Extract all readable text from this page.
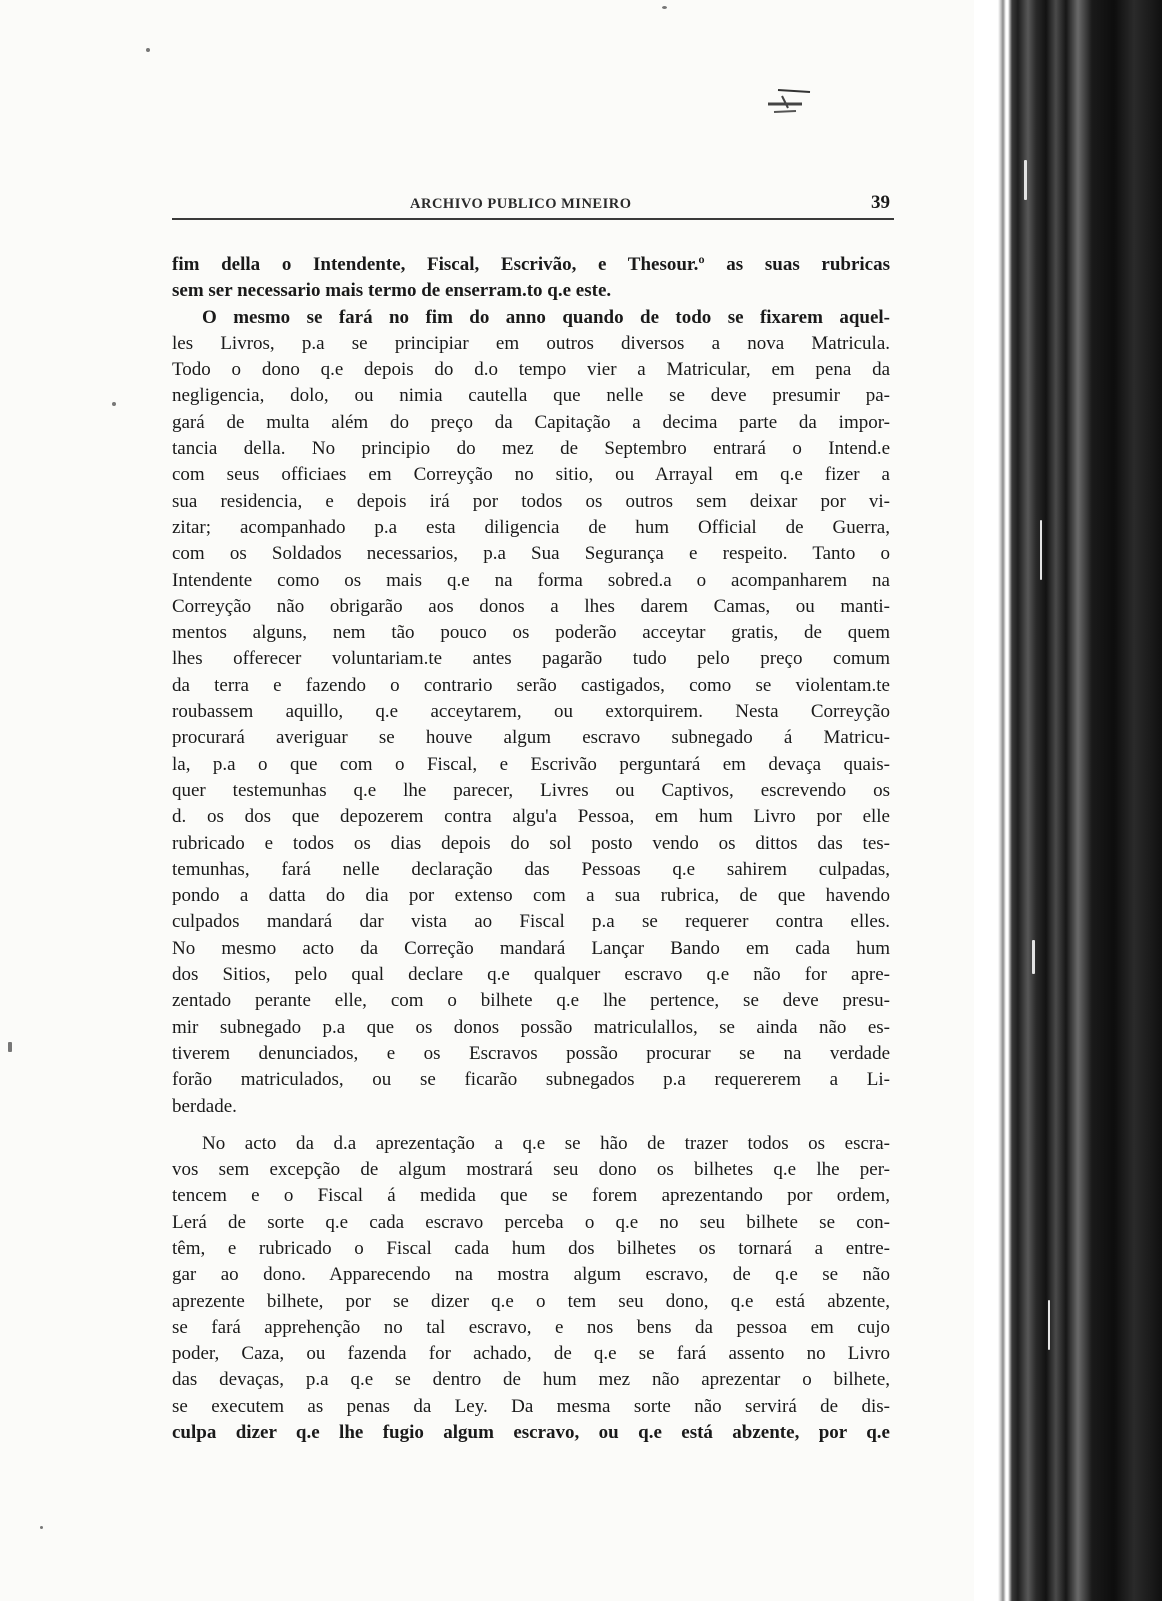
ARCHIVO PUBLICO MINEIRO	39

fim della o Intendente, Fiscal, Escrivão, e Thesour.º as suas rubricas
sem ser necessario mais termo de enserram.to q.e este.
O mesmo se fará no fim do anno quando de todo se fixarem aquel-
les Livros, p.a se principiar em outros diversos a nova Matricula.
Todo o dono q.e depois do d.o tempo vier a Matricular, em pena da
negligencia, dolo, ou nimia cautella que nelle se deve presumir pa-
gará de multa além do preço da Capitação a decima parte da impor-
tancia della. No principio do mez de Septembro entrará o Intend.e
com seus officiaes em Correyção no sitio, ou Arrayal em q.e fizer a
sua residencia, e depois irá por todos os outros sem deixar por vi-
zitar; acompanhado p.a esta diligencia de hum Official de Guerra,
com os Soldados necessarios, p.a Sua Segurança e respeito. Tanto o
Intendente como os mais q.e na forma sobred.a o acompanharem na
Correyção não obrigarão aos donos a lhes darem Camas, ou manti-
mentos alguns, nem tão pouco os poderão acceytar gratis, de quem
lhes offerecer voluntariam.te antes pagarão tudo pelo preço comum
da terra e fazendo o contrario serão castigados, como se violentam.te
roubassem aquillo, q.e acceytarem, ou extorquirem. Nesta Correyção
procurará averiguar se houve algum escravo subnegado á Matricu-
la, p.a o que com o Fiscal, e Escrivão perguntará em devaça quais-
quer testemunhas q.e lhe parecer, Livres ou Captivos, escrevendo os
d. os dos que depozerem contra algu'a Pessoa, em hum Livro por elle
rubricado e todos os dias depois do sol posto vendo os dittos das tes-
temunhas, fará nelle declaração das Pessoas q.e sahirem culpadas,
pondo a datta do dia por extenso com a sua rubrica, de que havendo
culpados mandará dar vista ao Fiscal p.a se requerer contra elles.
No mesmo acto da Correção mandará Lançar Bando em cada hum
dos Sitios, pelo qual declare q.e qualquer escravo q.e não for apre-
zentado perante elle, com o bilhete q.e lhe pertence, se deve presu-
mir subnegado p.a que os donos possão matriculallos, se ainda não es-
tiverem denunciados, e os Escravos possão procurar se na verdade
forão matriculados, ou se ficarão subnegados p.a requererem a Li-
berdade.

No acto da d.a aprezentação a q.e se hão de trazer todos os escra-
vos sem excepção de algum mostrará seu dono os bilhetes q.e lhe per-
tencem e o Fiscal á medida que se forem aprezentando por ordem,
Lerá de sorte q.e cada escravo perceba o q.e no seu bilhete se con-
têm, e rubricado o Fiscal cada hum dos bilhetes os tornará a entre-
gar ao dono. Apparecendo na mostra algum escravo, de q.e se não
aprezente bilhete, por se dizer q.e o tem seu dono, q.e está abzente,
se fará apprehenção no tal escravo, e nos bens da pessoa em cujo
poder, Caza, ou fazenda for achado, de q.e se fará assento no Livro
das devaças, p.a q.e se dentro de hum mez não aprezentar o bilhete,
se executem as penas da Ley. Da mesma sorte não servirá de dis-
culpa dizer q.e lhe fugio algum escravo, ou q.e está abzente, por q.e
